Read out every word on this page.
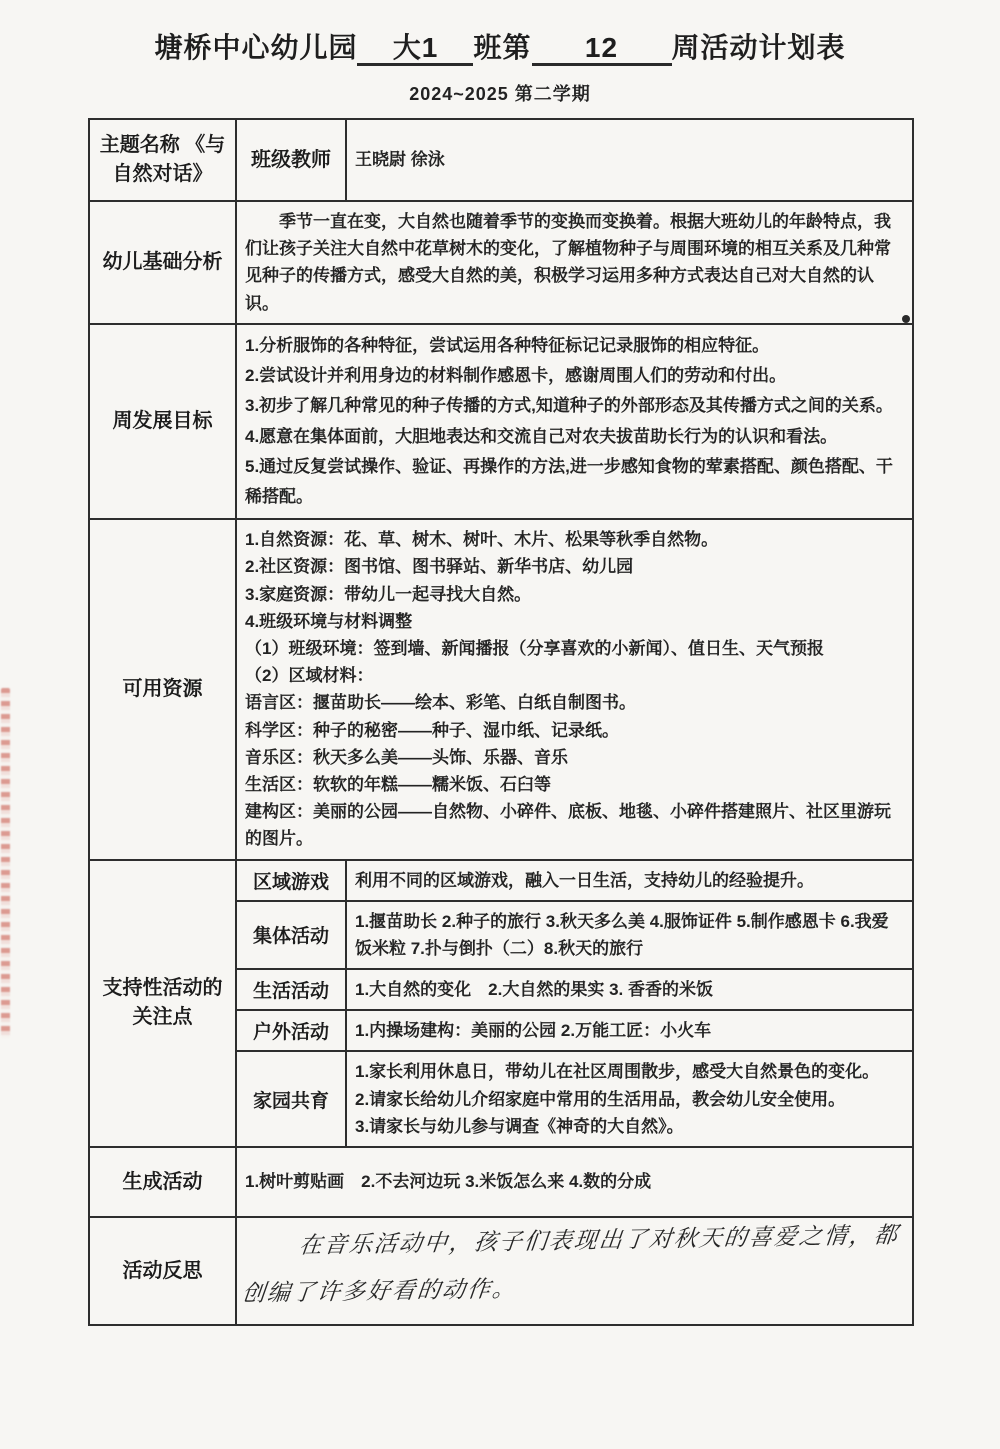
塘桥中心幼儿园 大1 班第 12 周活动计划表
2024~2025 第二学期
主题名称 《与自然对话》	班级教师	王晓尉 徐泳
幼儿基础分析	季节一直在变，大自然也随着季节的变换而变换着。根据大班幼儿的年龄特点，我们让孩子关注大自然中花草树木的变化，了解植物种子与周围环境的相互关系及几种常见种子的传播方式，感受大自然的美，积极学习运用多种方式表达自己对大自然的认识。	

周发展目标	1.分析服饰的各种特征，尝试运用各种特征标记记录服饰的相应特征。
2.尝试设计并利用身边的材料制作感恩卡，感谢周围人们的劳动和付出。
3.初步了解几种常见的种子传播的方式,知道种子的外部形态及其传播方式之间的关系。
4.愿意在集体面前，大胆地表达和交流自己对农夫拔苗助长行为的认识和看法。
5.通过反复尝试操作、验证、再操作的方法,进一步感知食物的荤素搭配、颜色搭配、干稀搭配。	

可用资源	
1.自然资源：花、草、树木、树叶、木片、松果等秋季自然物。
2.社区资源：图书馆、图书驿站、新华书店、幼儿园
3.家庭资源：带幼儿一起寻找大自然。
4.班级环境与材料调整
（1）班级环境：签到墙、新闻播报（分享喜欢的小新闻）、值日生、天气预报
（2）区域材料：
语言区：揠苗助长——绘本、彩笔、白纸自制图书。
科学区：种子的秘密——种子、湿巾纸、记录纸。
音乐区：秋天多么美——头饰、乐器、音乐
生活区：软软的年糕——糯米饭、石臼等
建构区：美丽的公园——自然物、小碎件、底板、地毯、小碎件搭建照片、社区里游玩的图片。

支持性活动的关注点	区域游戏	利用不同的区域游戏，融入一日生活，支持幼儿的经验提升。
	集体活动	1.揠苗助长 2.种子的旅行 3.秋天多么美 4.服饰证件 5.制作感恩卡 6.我爱饭米粒 7.扑与倒扑（二）8.秋天的旅行
	生活活动	1.大自然的变化　2.大自然的果实 3. 香香的米饭
	户外活动	1.内操场建构：美丽的公园 2.万能工匠：小火车
	家园共育	1.家长利用休息日，带幼儿在社区周围散步，感受大自然景色的变化。
2.请家长给幼儿介绍家庭中常用的生活用品，教会幼儿安全使用。
3.请家长与幼儿参与调查《神奇的大自然》。

生成活动	1.树叶剪贴画　2.不去河边玩 3.米饭怎么来 4.数的分成	
活动反思	在音乐活动中，孩子们表现出了对秋天的喜爱之情，都
创编了许多好看的动作。	
